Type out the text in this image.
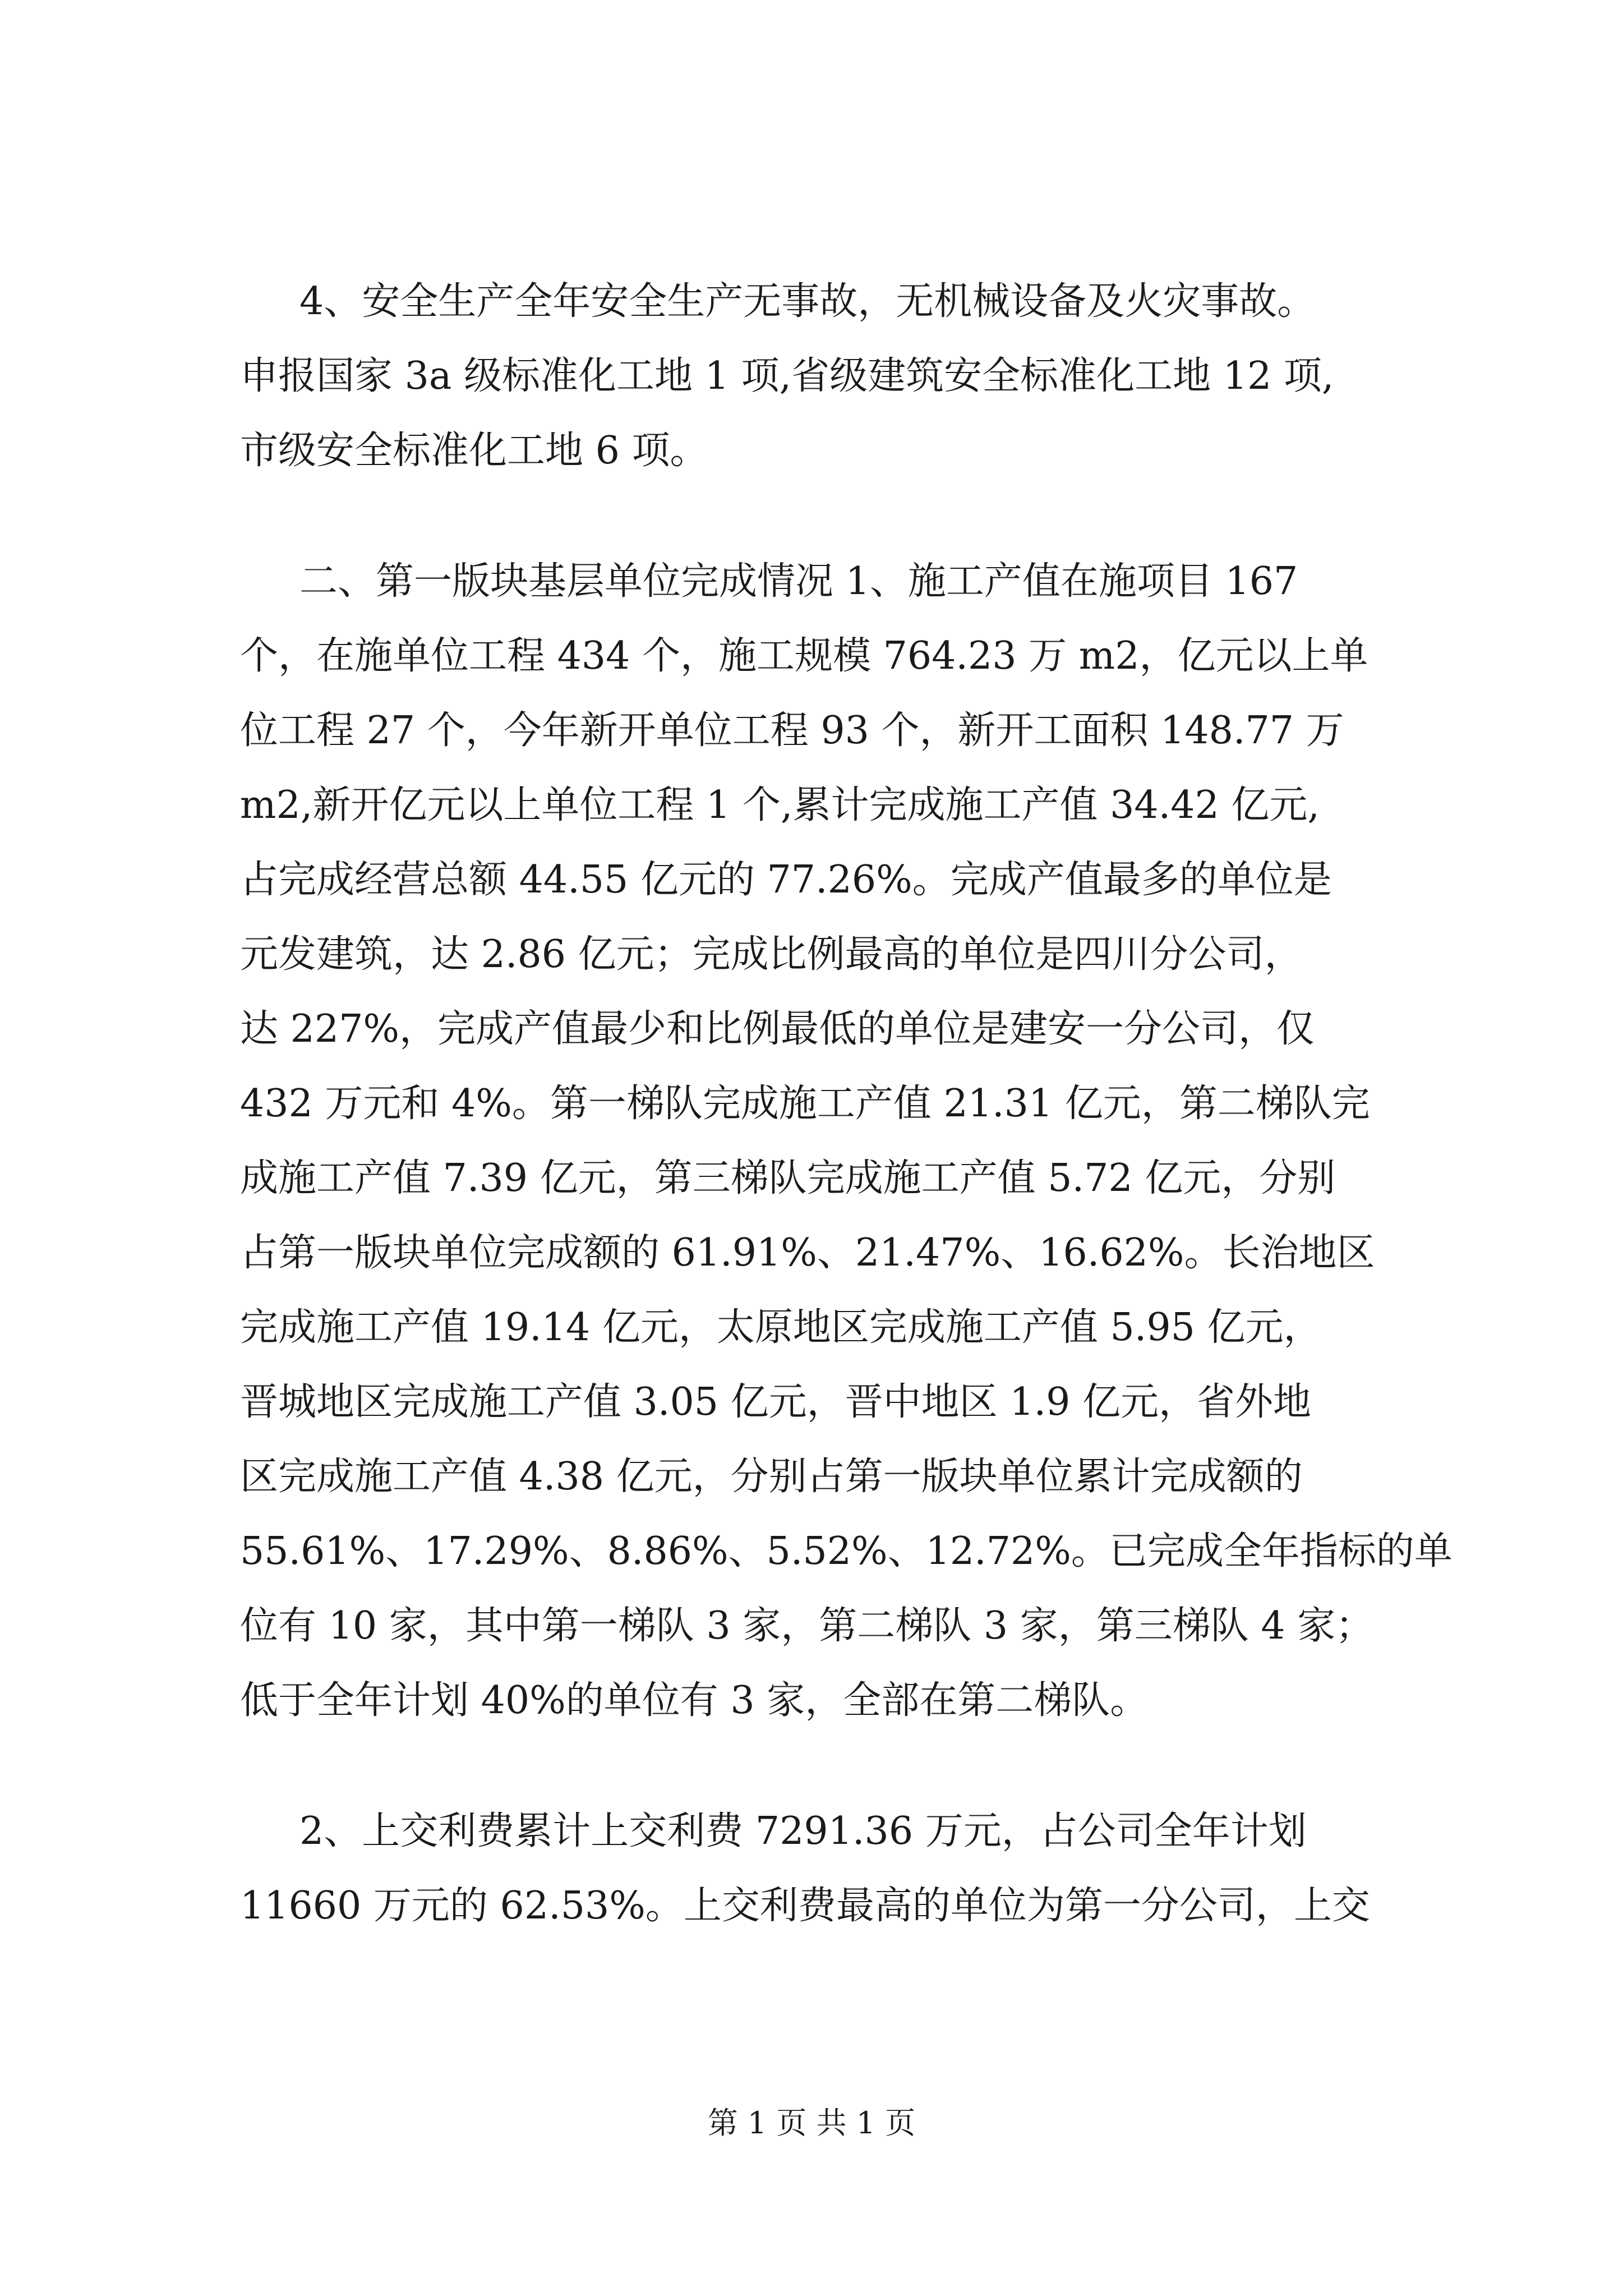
4、安全生产全年安全生产无事故，无机械设备及火灾事故。
申报国家 3a 级标准化工地 1 项,省级建筑安全标准化工地 12 项,
市级安全标准化工地 6 项。
二、第一版块基层单位完成情况 1、施工产值在施项目 167
个，在施单位工程 434 个，施工规模 764.23 万 m2，亿元以上单
位工程 27 个，今年新开单位工程 93 个，新开工面积 148.77 万
m2,新开亿元以上单位工程 1 个,累计完成施工产值 34.42 亿元,
占完成经营总额 44.55 亿元的 77.26%。完成产值最多的单位是
元发建筑，达 2.86 亿元；完成比例最高的单位是四川分公司，
达 227%，完成产值最少和比例最低的单位是建安一分公司，仅
432 万元和 4%。第一梯队完成施工产值 21.31 亿元，第二梯队完
成施工产值 7.39 亿元，第三梯队完成施工产值 5.72 亿元，分别
占第一版块单位完成额的 61.91%、21.47%、16.62%。长治地区
完成施工产值 19.14 亿元，太原地区完成施工产值 5.95 亿元，
晋城地区完成施工产值 3.05 亿元，晋中地区 1.9 亿元，省外地
区完成施工产值 4.38 亿元，分别占第一版块单位累计完成额的
55.61%、17.29%、8.86%、5.52%、12.72%。已完成全年指标的单
位有 10 家，其中第一梯队 3 家，第二梯队 3 家，第三梯队 4 家；
低于全年计划 40%的单位有 3 家，全部在第二梯队。
2、上交利费累计上交利费 7291.36 万元，占公司全年计划
11660 万元的 62.53%。上交利费最高的单位为第一分公司，上交
第 1 页 共 1 页
